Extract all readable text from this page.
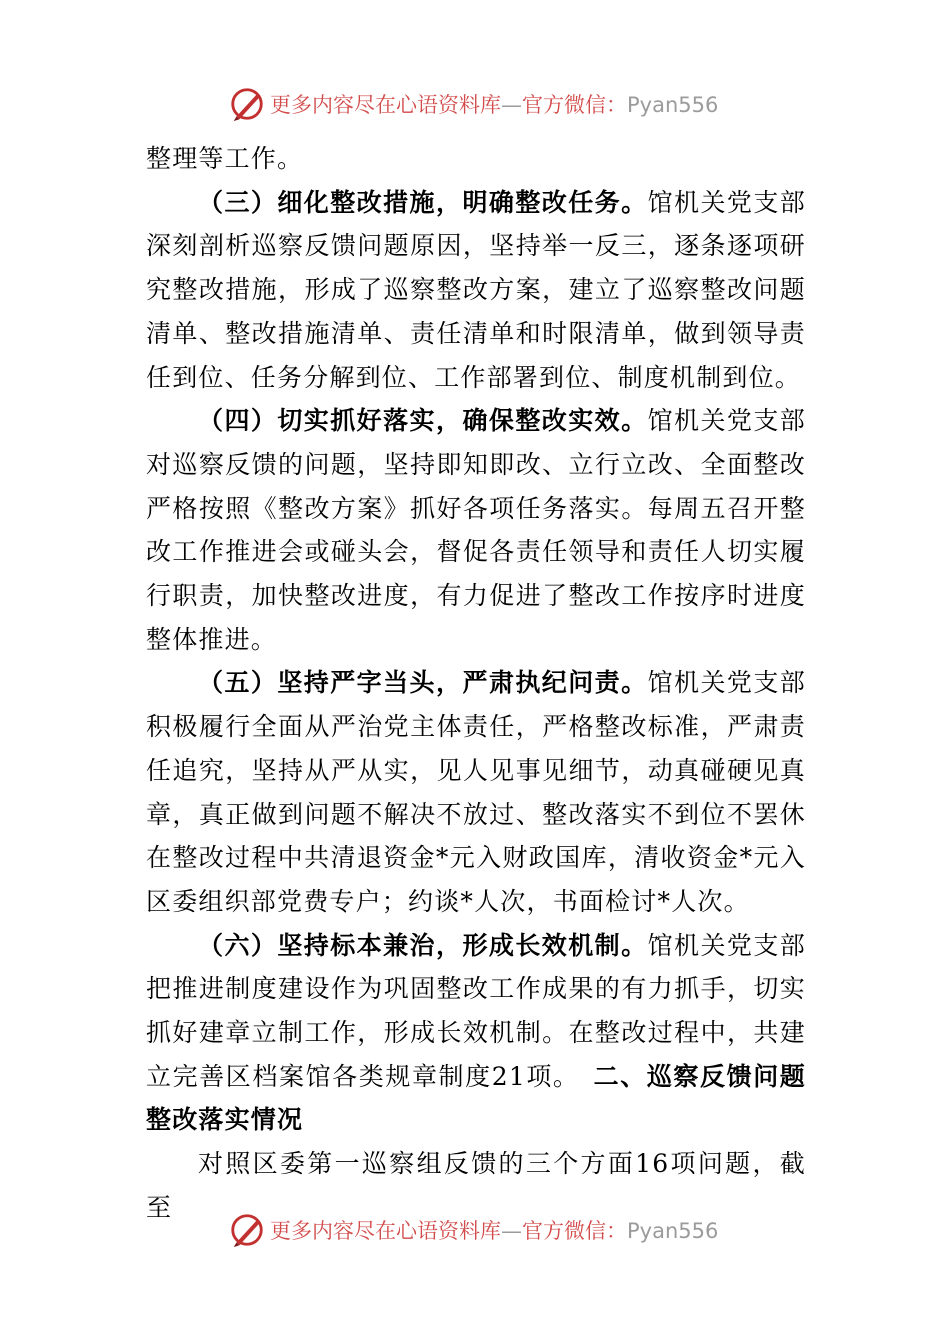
更多内容尽在心语资料库—官方微信：Pyan556

整理等工作。

（三）细化整改措施，明确整改任务。馆机关党支部深刻剖析巡察反馈问题原因，坚持举一反三，逐条逐项研究整改措施，形成了巡察整改方案，建立了巡察整改问题清单、整改措施清单、责任清单和时限清单，做到领导责任到位、任务分解到位、工作部署到位、制度机制到位。

（四）切实抓好落实，确保整改实效。馆机关党支部对巡察反馈的问题，坚持即知即改、立行立改、全面整改严格按照《整改方案》抓好各项任务落实。每周五召开整改工作推进会或碰头会，督促各责任领导和责任人切实履行职责，加快整改进度，有力促进了整改工作按序时进度整体推进。

（五）坚持严字当头，严肃执纪问责。馆机关党支部积极履行全面从严治党主体责任，严格整改标准，严肃责任追究，坚持从严从实，见人见事见细节，动真碰硬见真章，真正做到问题不解决不放过、整改落实不到位不罢休在整改过程中共清退资金*元入财政国库，清收资金*元入区委组织部党费专户；约谈*人次，书面检讨*人次。

（六）坚持标本兼治，形成长效机制。馆机关党支部把推进制度建设作为巩固整改工作成果的有力抓手，切实抓好建章立制工作，形成长效机制。在整改过程中，共建立完善区档案馆各类规章制度21项。　 二、巡察反馈问题整改落实情况

对照区委第一巡察组反馈的三个方面16项问题，截至

更多内容尽在心语资料库—官方微信：Pyan556
